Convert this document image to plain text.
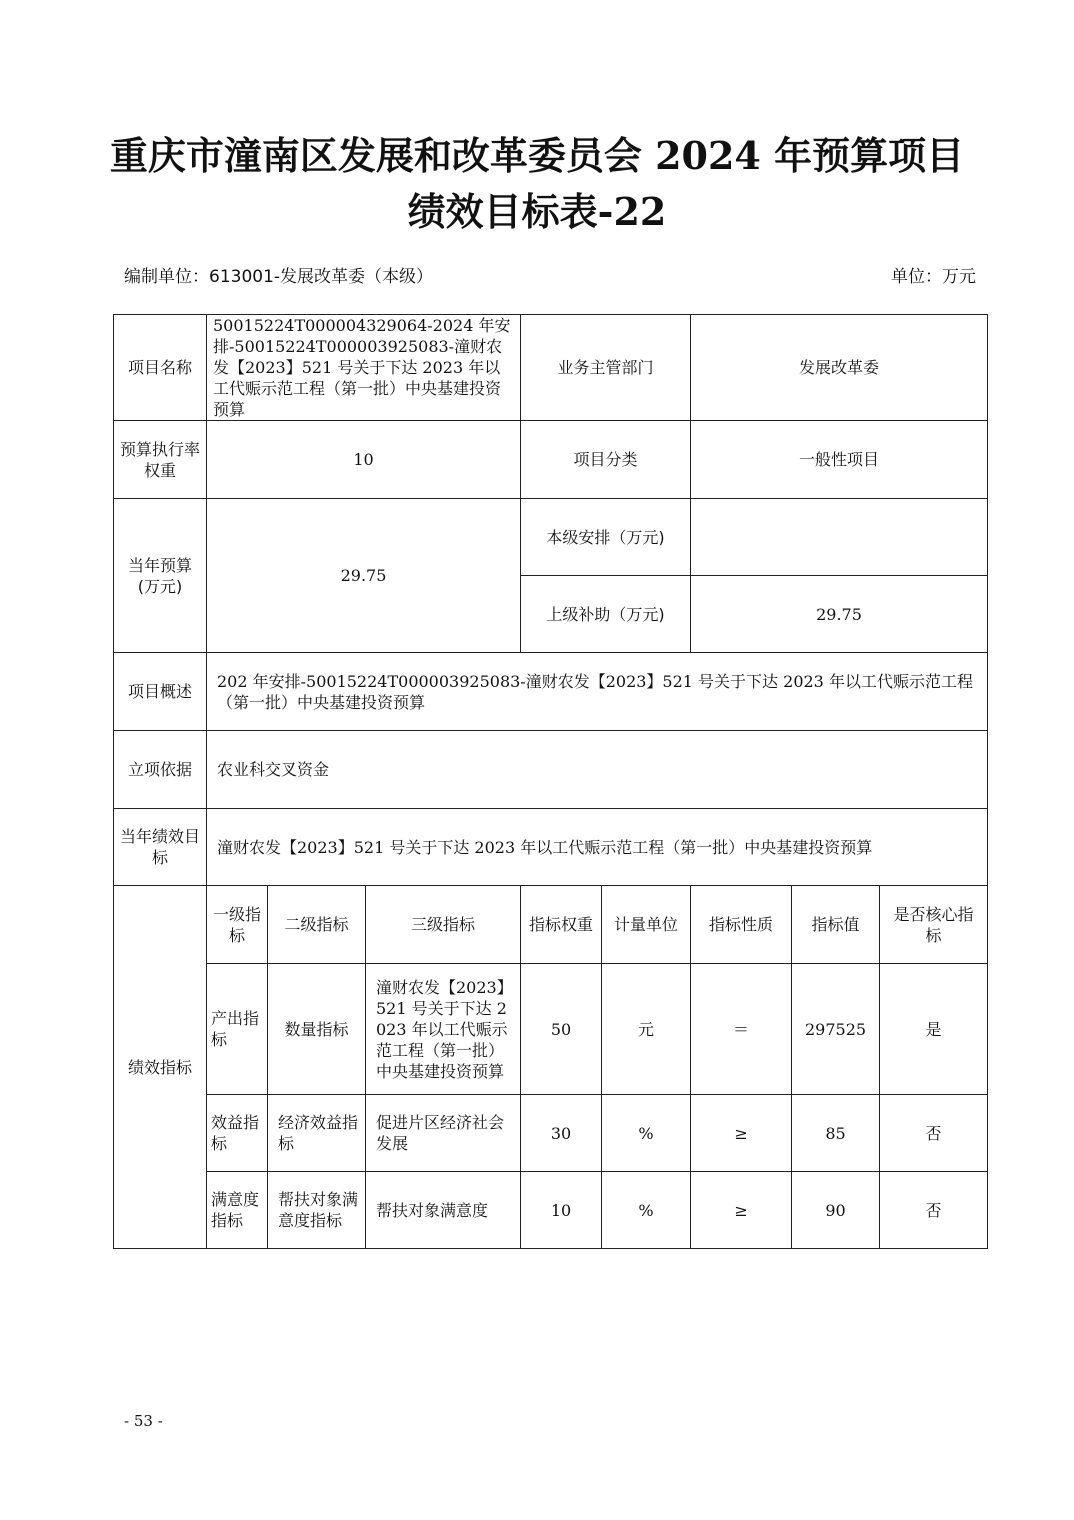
重庆市潼南区发展和改革委员会 2024 年预算项目
绩效目标表-22
编制单位：613001-发展改革委（本级）	单位：万元
项目名称	50015224T000004329064-2024 年安排-50015224T000003925083-潼财农发【2023】521 号关于下达 2023 年以工代赈示范工程（第一批）中央基建投资预算			业务主管部门		发展改革委		
预算执行率权重	10			项目分类		一般性项目		
当年预算(万元)	29.75			本级安排（万元)				
				上级补助（万元)		29.75		
项目概述	202 年安排-50015224T000003925083-潼财农发【2023】521 号关于下达 2023 年以工代赈示范工程（第一批）中央基建投资预算							
立项依据	农业科交叉资金							
当年绩效目标	潼财农发【2023】521 号关于下达 2023 年以工代赈示范工程（第一批）中央基建投资预算							
绩效指标	一级指标	二级指标	三级指标	指标权重	计量单位	指标性质	指标值	是否核心指标
	产出指标	数量指标	潼财农发【2023】521 号关于下达 2023 年以工代赈示范工程（第一批）中央基建投资预算	50	元	＝	297525	是
	效益指标	经济效益指标	促进片区经济社会发展	30	%	≥	85	否
	满意度指标	帮扶对象满意度指标	帮扶对象满意度	10	%	≥	90	否
- 53 -
